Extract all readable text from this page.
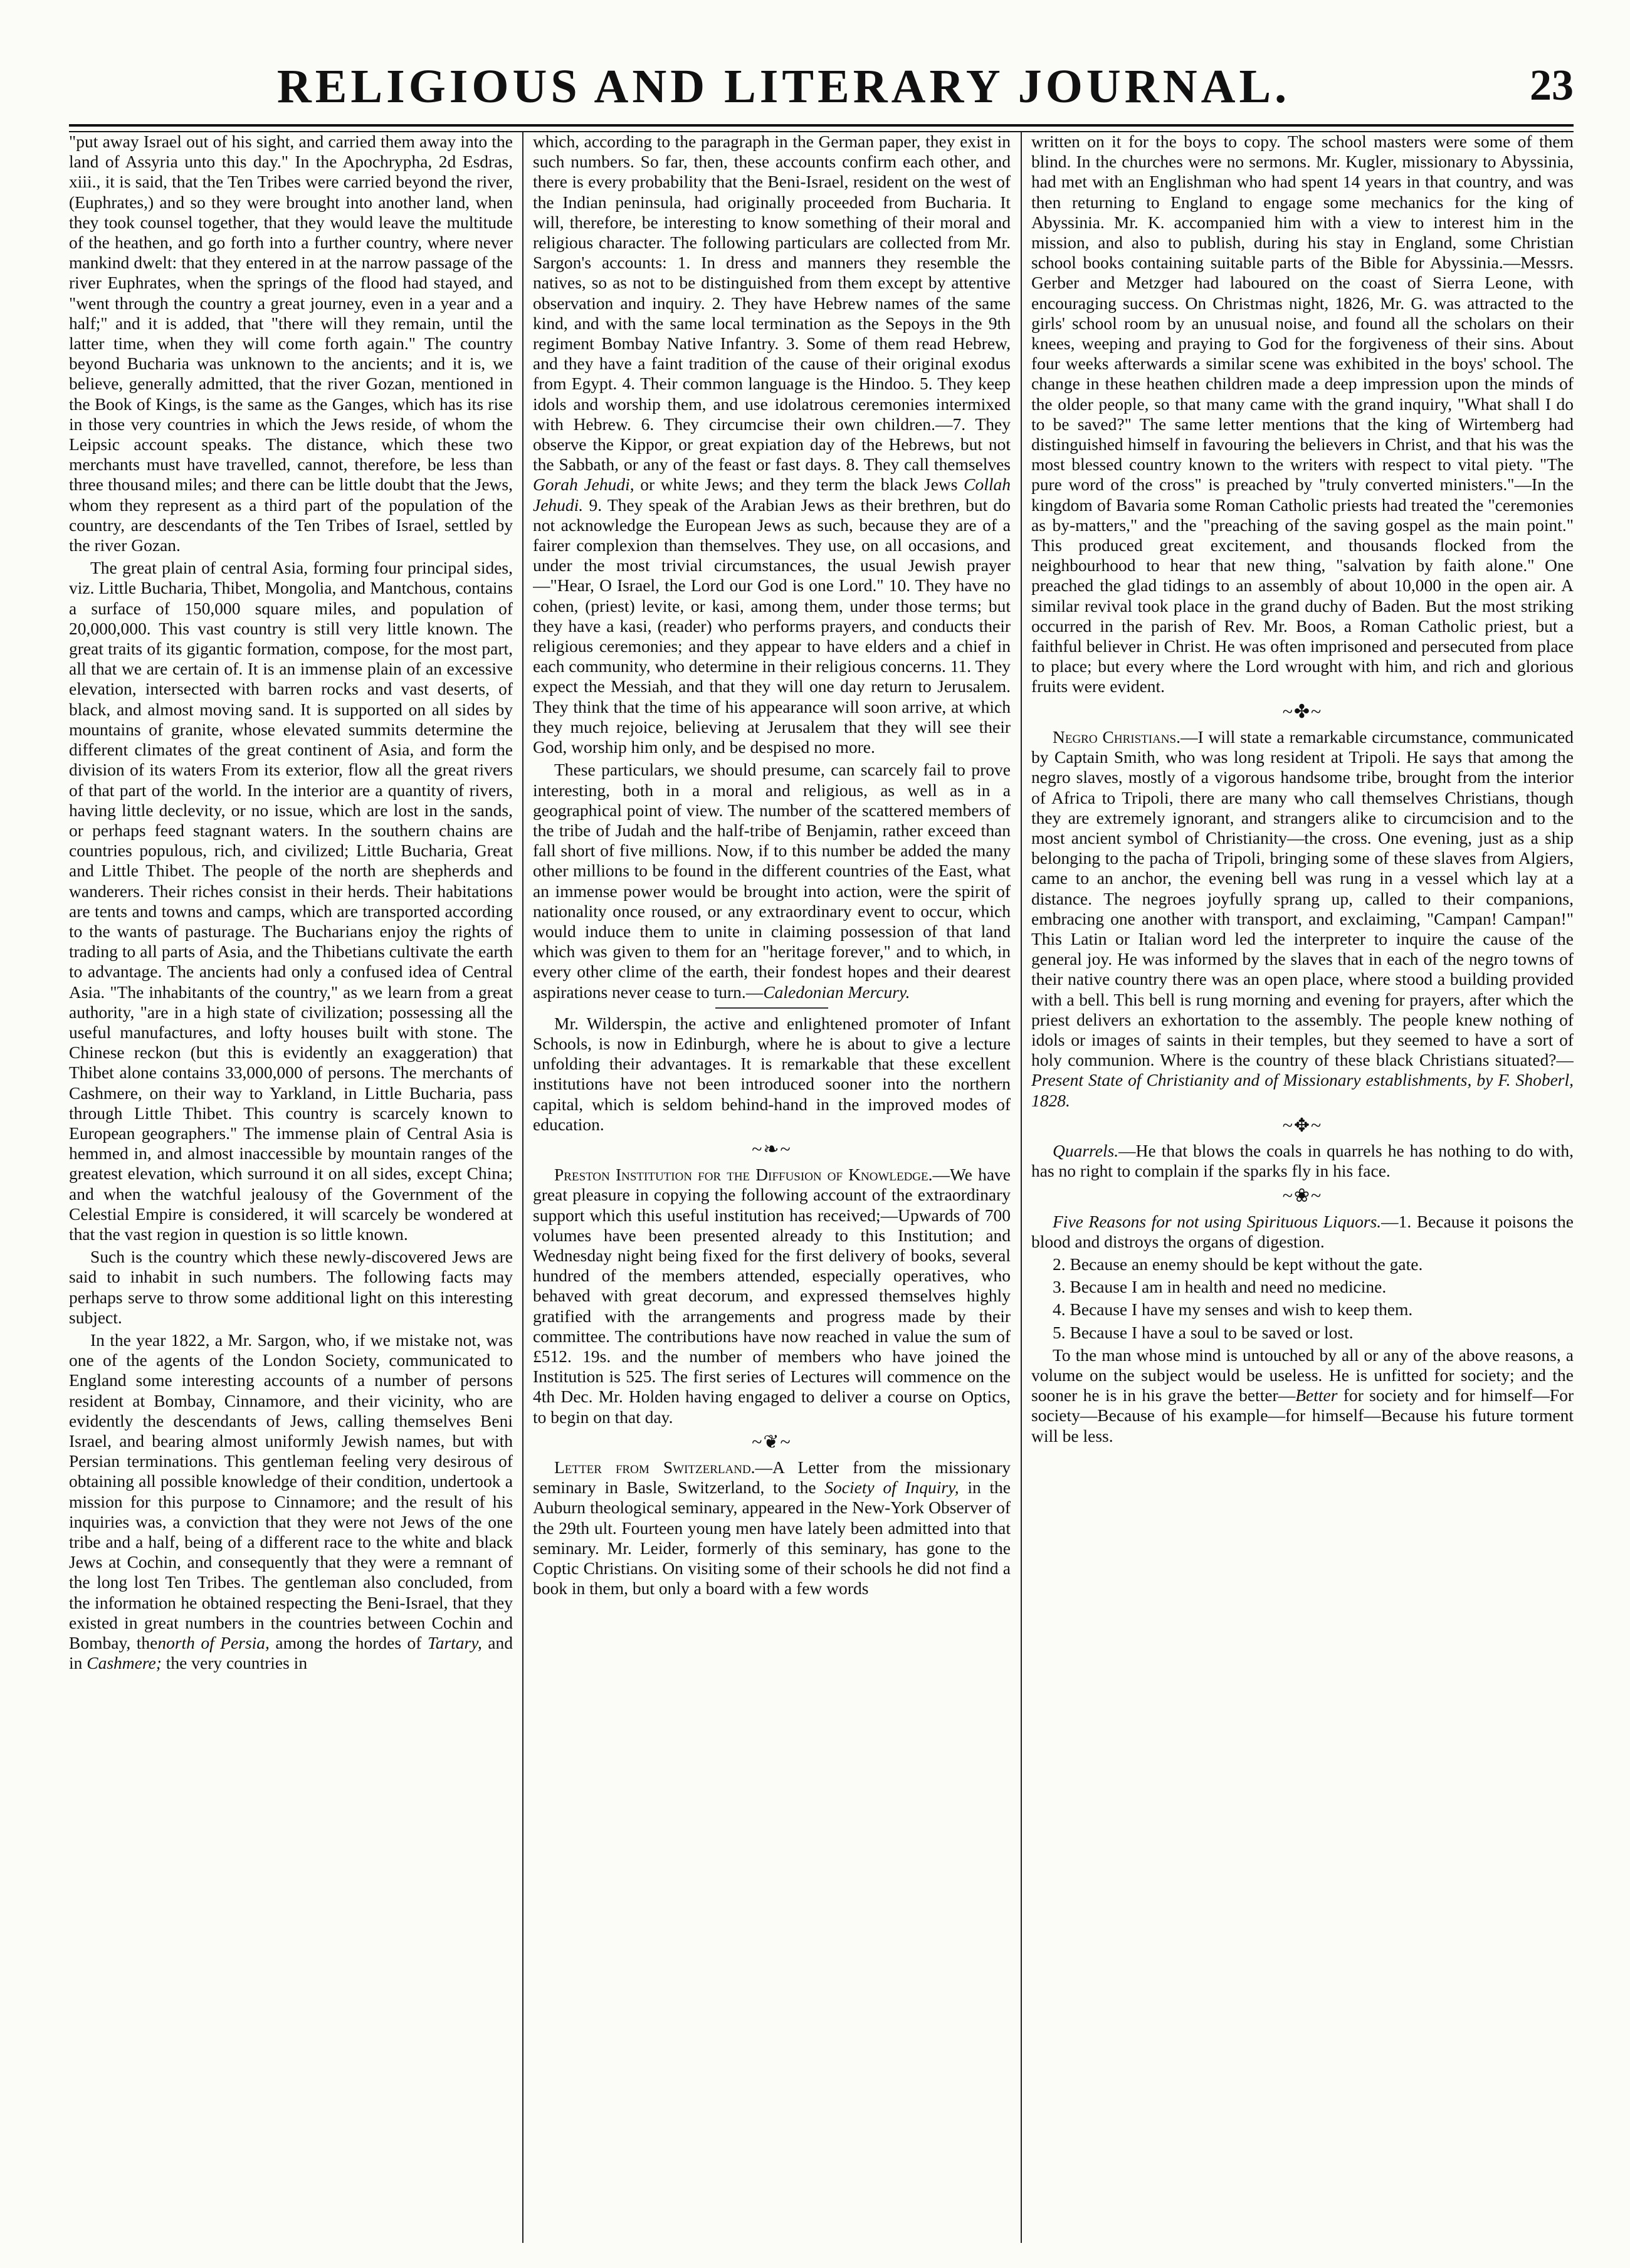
RELIGIOUS AND LITERARY JOURNAL.	23

"put away Israel out of his sight, and carried them away into the land of Assyria unto this day." In the Apochrypha, 2d Esdras, xiii., it is said, that the Ten Tribes were carried beyond the river, (Euphrates,) and so they were brought into another land, when they took counsel together, that they would leave the multitude of the heathen, and go forth into a further country, where never mankind dwelt: that they entered in at the narrow passage of the river Euphrates, when the springs of the flood had stayed, and "went through the country a great journey, even in a year and a half;" and it is added, that "there will they remain, until the latter time, when they will come forth again." The country beyond Bucharia was unknown to the ancients; and it is, we believe, generally admitted, that the river Gozan, mentioned in the Book of Kings, is the same as the Ganges, which has its rise in those very countries in which the Jews reside, of whom the Leipsic account speaks. The distance, which these two merchants must have travelled, cannot, therefore, be less than three thousand miles; and there can be little doubt that the Jews, whom they represent as a third part of the population of the country, are descendants of the Ten Tribes of Israel, settled by the river Gozan.

The great plain of central Asia, forming four principal sides, viz. Little Bucharia, Thibet, Mongolia, and Mantchous, contains a surface of 150,000 square miles, and population of 20,000,000. This vast country is still very little known. The great traits of its gigantic formation, compose, for the most part, all that we are certain of. It is an immense plain of an excessive elevation, intersected with barren rocks and vast deserts, of black, and almost moving sand. It is supported on all sides by mountains of granite, whose elevated summits determine the different climates of the great continent of Asia, and form the division of its waters From its exterior, flow all the great rivers of that part of the world. In the interior are a quantity of rivers, having little declevity, or no issue, which are lost in the sands, or perhaps feed stagnant waters. In the southern chains are countries populous, rich, and civilized; Little Bucharia, Great and Little Thibet. The people of the north are shepherds and wanderers. Their riches consist in their herds. Their habitations are tents and towns and camps, which are transported according to the wants of pasturage. The Bucharians enjoy the rights of trading to all parts of Asia, and the Thibetians cultivate the earth to advantage. The ancients had only a confused idea of Central Asia. "The inhabitants of the country," as we learn from a great authority, "are in a high state of civilization; possessing all the useful manufactures, and lofty houses built with stone. The Chinese reckon (but this is evidently an exaggeration) that Thibet alone contains 33,000,000 of persons. The merchants of Cashmere, on their way to Yarkland, in Little Bucharia, pass through Little Thibet. This country is scarcely known to European geographers." The immense plain of Central Asia is hemmed in, and almost inaccessible by mountain ranges of the greatest elevation, which surround it on all sides, except China; and when the watchful jealousy of the Government of the Celestial Empire is considered, it will scarcely be wondered at that the vast region in question is so little known.

Such is the country which these newly-discovered Jews are said to inhabit in such numbers. The following facts may perhaps serve to throw some additional light on this interesting subject.

In the year 1822, a Mr. Sargon, who, if we mistake not, was one of the agents of the London Society, communicated to England some interesting accounts of a number of persons resident at Bombay, Cinnamore, and their vicinity, who are evidently the descendants of Jews, calling themselves Beni Israel, and bearing almost uniformly Jewish names, but with Persian terminations. This gentleman feeling very desirous of obtaining all possible knowledge of their condition, undertook a mission for this purpose to Cinnamore; and the result of his inquiries was, a conviction that they were not Jews of the one tribe and a half, being of a different race to the white and black Jews at Cochin, and consequently that they were a remnant of the long lost Ten Tribes. The gentleman also concluded, from the information he obtained respecting the Beni-Israel, that they existed in great numbers in the countries between Cochin and Bombay, thenorth of Persia, among the hordes of Tartary, and in Cashmere; the very countries in

which, according to the paragraph in the German paper, they exist in such numbers. So far, then, these accounts confirm each other, and there is every probability that the Beni-Israel, resident on the west of the Indian peninsula, had originally proceeded from Bucharia. It will, therefore, be interesting to know something of their moral and religious character. The following particulars are collected from Mr. Sargon's accounts: 1. In dress and manners they resemble the natives, so as not to be distinguished from them except by attentive observation and inquiry. 2. They have Hebrew names of the same kind, and with the same local termination as the Sepoys in the 9th regiment Bombay Native Infantry. 3. Some of them read Hebrew, and they have a faint tradition of the cause of their original exodus from Egypt. 4. Their common language is the Hindoo. 5. They keep idols and worship them, and use idolatrous ceremonies intermixed with Hebrew. 6. They circumcise their own children.—7. They observe the Kippor, or great expiation day of the Hebrews, but not the Sabbath, or any of the feast or fast days. 8. They call themselves Gorah Jehudi, or white Jews; and they term the black Jews Collah Jehudi. 9. They speak of the Arabian Jews as their brethren, but do not acknowledge the European Jews as such, because they are of a fairer complexion than themselves. They use, on all occasions, and under the most trivial circumstances, the usual Jewish prayer—"Hear, O Israel, the Lord our God is one Lord." 10. They have no cohen, (priest) levite, or kasi, among them, under those terms; but they have a kasi, (reader) who performs prayers, and conducts their religious ceremonies; and they appear to have elders and a chief in each community, who determine in their religious concerns. 11. They expect the Messiah, and that they will one day return to Jerusalem. They think that the time of his appearance will soon arrive, at which they much rejoice, believing at Jerusalem that they will see their God, worship him only, and be despised no more.

These particulars, we should presume, can scarcely fail to prove interesting, both in a moral and religious, as well as in a geographical point of view. The number of the scattered members of the tribe of Judah and the half-tribe of Benjamin, rather exceed than fall short of five millions. Now, if to this number be added the many other millions to be found in the different countries of the East, what an immense power would be brought into action, were the spirit of nationality once roused, or any extraordinary event to occur, which would induce them to unite in claiming possession of that land which was given to them for an "heritage forever," and to which, in every other clime of the earth, their fondest hopes and their dearest aspirations never cease to turn.—Caledonian Mercury.

Mr. Wilderspin, the active and enlightened promoter of Infant Schools, is now in Edinburgh, where he is about to give a lecture unfolding their advantages. It is remarkable that these excellent institutions have not been introduced sooner into the northern capital, which is seldom behind-hand in the improved modes of education.

~❧~

Preston Institution for the Diffusion of Knowledge.—We have great pleasure in copying the following account of the extraordinary support which this useful institution has received;—Upwards of 700 volumes have been presented already to this Institution; and Wednesday night being fixed for the first delivery of books, several hundred of the members attended, especially operatives, who behaved with great decorum, and expressed themselves highly gratified with the arrangements and progress made by their committee. The contributions have now reached in value the sum of £512. 19s. and the number of members who have joined the Institution is 525. The first series of Lectures will commence on the 4th Dec. Mr. Holden having engaged to deliver a course on Optics, to begin on that day.

~❦~

Letter from Switzerland.—A Letter from the missionary seminary in Basle, Switzerland, to the Society of Inquiry, in the Auburn theological seminary, appeared in the New-York Observer of the 29th ult. Fourteen young men have lately been admitted into that seminary. Mr. Leider, formerly of this seminary, has gone to the Coptic Christians. On visiting some of their schools he did not find a book in them, but only a board with a few words

written on it for the boys to copy. The school masters were some of them blind. In the churches were no sermons. Mr. Kugler, missionary to Abyssinia, had met with an Englishman who had spent 14 years in that country, and was then returning to England to engage some mechanics for the king of Abyssinia. Mr. K. accompanied him with a view to interest him in the mission, and also to publish, during his stay in England, some Christian school books containing suitable parts of the Bible for Abyssinia.—Messrs. Gerber and Metzger had laboured on the coast of Sierra Leone, with encouraging success. On Christmas night, 1826, Mr. G. was attracted to the girls' school room by an unusual noise, and found all the scholars on their knees, weeping and praying to God for the forgiveness of their sins. About four weeks afterwards a similar scene was exhibited in the boys' school. The change in these heathen children made a deep impression upon the minds of the older people, so that many came with the grand inquiry, "What shall I do to be saved?" The same letter mentions that the king of Wirtemberg had distinguished himself in favouring the believers in Christ, and that his was the most blessed country known to the writers with respect to vital piety. "The pure word of the cross" is preached by "truly converted ministers."—In the kingdom of Bavaria some Roman Catholic priests had treated the "ceremonies as by-matters," and the "preaching of the saving gospel as the main point." This produced great excitement, and thousands flocked from the neighbourhood to hear that new thing, "salvation by faith alone." One preached the glad tidings to an assembly of about 10,000 in the open air. A similar revival took place in the grand duchy of Baden. But the most striking occurred in the parish of Rev. Mr. Boos, a Roman Catholic priest, but a faithful believer in Christ. He was often imprisoned and persecuted from place to place; but every where the Lord wrought with him, and rich and glorious fruits were evident.

~✤~

Negro Christians.—I will state a remarkable circumstance, communicated by Captain Smith, who was long resident at Tripoli. He says that among the negro slaves, mostly of a vigorous handsome tribe, brought from the interior of Africa to Tripoli, there are many who call themselves Christians, though they are extremely ignorant, and strangers alike to circumcision and to the most ancient symbol of Christianity—the cross. One evening, just as a ship belonging to the pacha of Tripoli, bringing some of these slaves from Algiers, came to an anchor, the evening bell was rung in a vessel which lay at a distance. The negroes joyfully sprang up, called to their companions, embracing one another with transport, and exclaiming, "Campan! Campan!" This Latin or Italian word led the interpreter to inquire the cause of the general joy. He was informed by the slaves that in each of the negro towns of their native country there was an open place, where stood a building provided with a bell. This bell is rung morning and evening for prayers, after which the priest delivers an exhortation to the assembly. The people knew nothing of idols or images of saints in their temples, but they seemed to have a sort of holy communion. Where is the country of these black Christians situated?—Present State of Christianity and of Missionary establishments, by F. Shoberl, 1828.

~✥~

Quarrels.—He that blows the coals in quarrels he has nothing to do with, has no right to complain if the sparks fly in his face.

~❀~

Five Reasons for not using Spirituous Liquors.—1. Because it poisons the blood and distroys the organs of digestion.

2. Because an enemy should be kept without the gate.

3. Because I am in health and need no medicine.

4. Because I have my senses and wish to keep them.

5. Because I have a soul to be saved or lost.

To the man whose mind is untouched by all or any of the above reasons, a volume on the subject would be useless. He is unfitted for society; and the sooner he is in his grave the better—Better for society and for himself—For society—Because of his example—for himself—Because his future torment will be less.
